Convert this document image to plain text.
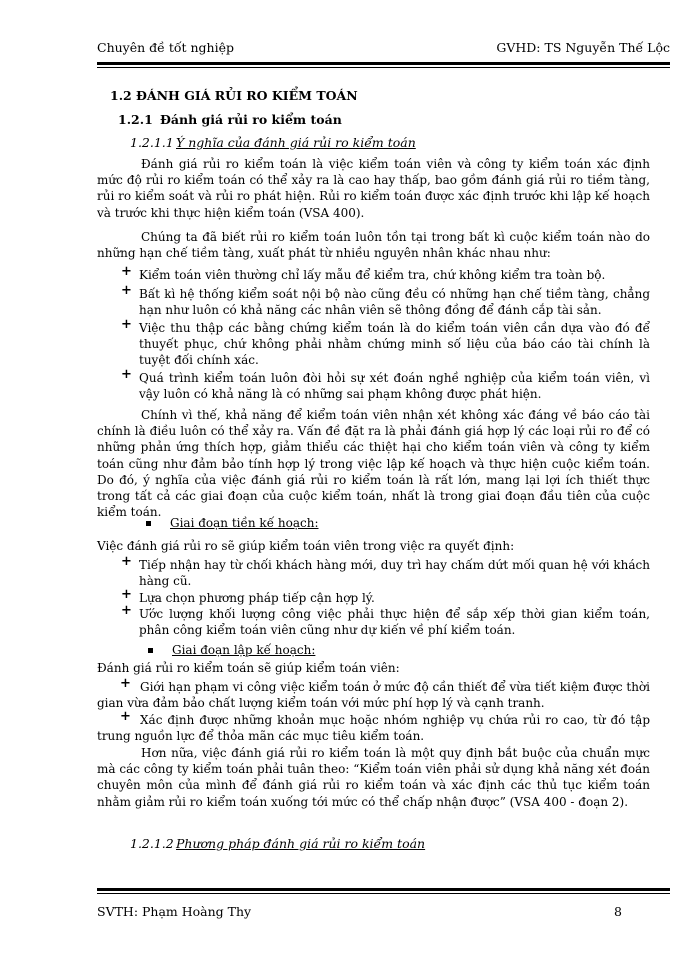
Chuyên đề tốt nghiệp	GVHD: TS Nguyễn Thế Lộc
SVTH: Phạm Hoàng Thy	8
1.2 ĐÁNH GIÁ RỦI RO KIỂM TOÁN
1.2.1 Đánh giá rủi ro kiểm toán
1.2.1.1 Ý nghĩa của đánh giá rủi ro kiểm toán
Đánh giá rủi ro kiểm toán là việc kiểm toán viên và công ty kiểm toán xác định mức độ rủi ro kiểm toán có thể xảy ra là cao hay thấp, bao gồm đánh giá rủi ro tiềm tàng, rủi ro kiểm soát và rủi ro phát hiện. Rủi ro kiểm toán được xác định trước khi lập kế hoạch và trước khi thực hiện kiểm toán (VSA 400).
Chúng ta đã biết rủi ro kiểm toán luôn tồn tại trong bất kì cuộc kiểm toán nào do những hạn chế tiềm tàng, xuất phát từ nhiều nguyên nhân khác nhau như:
+ Kiểm toán viên thường chỉ lấy mẫu để kiểm tra, chứ không kiểm tra toàn bộ.
+ Bất kì hệ thống kiểm soát nội bộ nào cũng đều có những hạn chế tiềm tàng, chẳng hạn như luôn có khả năng các nhân viên sẽ thông đồng để đánh cắp tài sản.
+ Việc thu thập các bằng chứng kiểm toán là do kiểm toán viên cần dựa vào đó để thuyết phục, chứ không phải nhằm chứng minh số liệu của báo cáo tài chính là tuyệt đối chính xác.
+ Quá trình kiểm toán luôn đòi hỏi sự xét đoán nghề nghiệp của kiểm toán viên, vì vậy luôn có khả năng là có những sai phạm không được phát hiện.
Chính vì thế, khả năng để kiểm toán viên nhận xét không xác đáng về báo cáo tài chính là điều luôn có thể xảy ra. Vấn đề đặt ra là phải đánh giá hợp lý các loại rủi ro để có những phản ứng thích hợp, giảm thiểu các thiệt hại cho kiểm toán viên và công ty kiểm toán cũng như đảm bảo tính hợp lý trong việc lập kế hoạch và thực hiện cuộc kiểm toán. Do đó, ý nghĩa của việc đánh giá rủi ro kiểm toán là rất lớn, mang lại lợi ích thiết thực trong tất cả các giai đoạn của cuộc kiểm toán, nhất là trong giai đoạn đầu tiên của cuộc kiểm toán.
Giai đoạn tiền kế hoạch:
Việc đánh giá rủi ro sẽ giúp kiểm toán viên trong việc ra quyết định:
+ Tiếp nhận hay từ chối khách hàng mới, duy trì hay chấm dứt mối quan hệ với khách hàng cũ.
+ Lựa chọn phương pháp tiếp cận hợp lý.
+ Ước lượng khối lượng công việc phải thực hiện để sắp xếp thời gian kiểm toán, phân công kiểm toán viên cũng như dự kiến về phí kiểm toán.
Giai đoạn lập kế hoạch:
Đánh giá rủi ro kiểm toán sẽ giúp kiểm toán viên:
+ Giới hạn phạm vi công việc kiểm toán ở mức độ cần thiết để vừa tiết kiệm được thời gian vừa đảm bảo chất lượng kiểm toán với mức phí hợp lý và cạnh tranh.
+ Xác định được những khoản mục hoặc nhóm nghiệp vụ chứa rủi ro cao, từ đó tập trung nguồn lực để thỏa mãn các mục tiêu kiểm toán.
Hơn nữa, việc đánh giá rủi ro kiểm toán là một quy định bắt buộc của chuẩn mực mà các công ty kiểm toán phải tuân theo: “Kiểm toán viên phải sử dụng khả năng xét đoán chuyên môn của mình để đánh giá rủi ro kiểm toán và xác định các thủ tục kiểm toán nhằm giảm rủi ro kiểm toán xuống tới mức có thể chấp nhận được” (VSA 400 - đoạn 2).
1.2.1.2 Phương pháp đánh giá rủi ro kiểm toán
